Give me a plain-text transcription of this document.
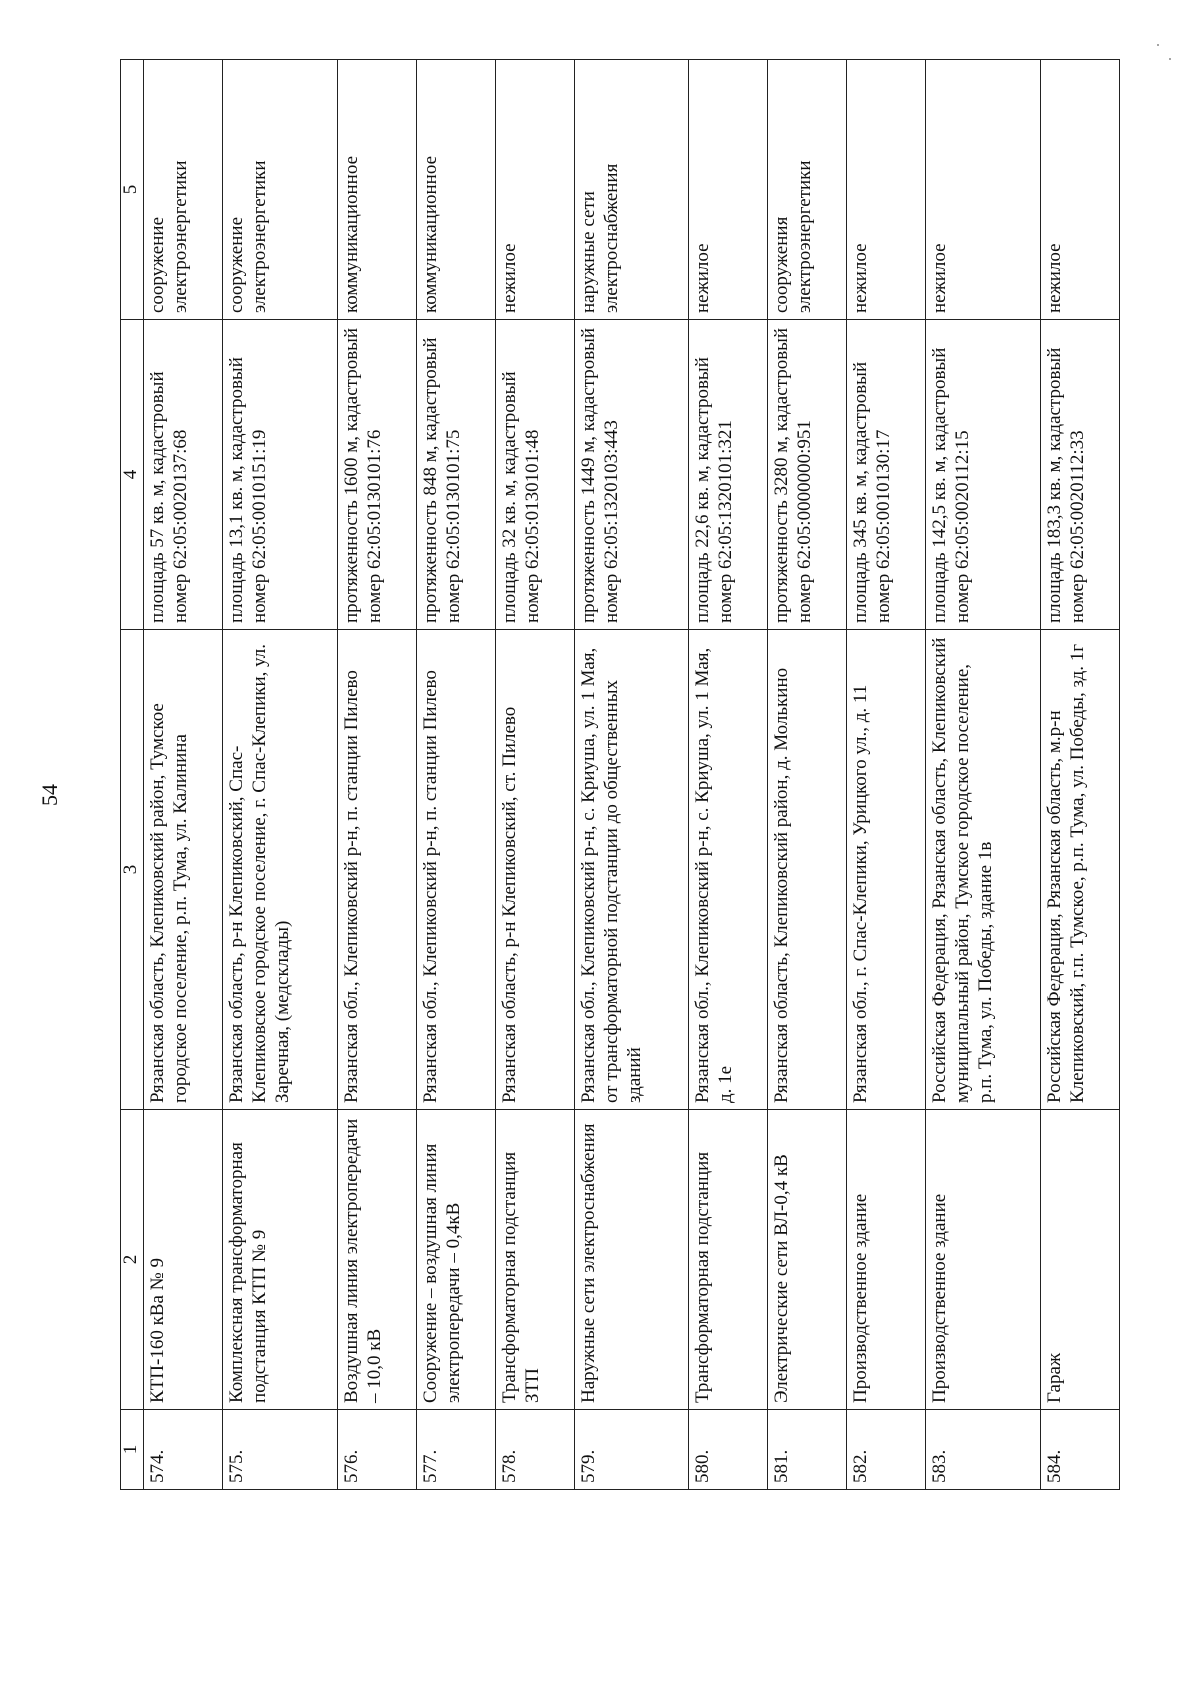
54
1	2	3	4	5
574.	КТП-160 кВа № 9	Рязанская область, Клепиковский район, Тумское городское поселение, р.п. Тума, ул. Калинина	площадь 57 кв. м, кадастровый номер 62:05:0020137:68	сооружение электроэнергетики
575.	Комплексная трансформаторная подстанция КТП № 9	Рязанская область, р-н Клепиковский, Спас-Клепиковское городское поселение, г. Спас-Клепики, ул. Заречная, (медсклады)	площадь 13,1 кв. м, кадастровый номер 62:05:0010151:19	сооружение электроэнергетики
576.	Воздушная линия электропередачи – 10,0 кВ	Рязанская обл., Клепиковский р-н, п. станции Пилево	протяженность 1600 м, кадастровый номер 62:05:0130101:76	коммуникационное
577.	Сооружение – воздушная линия электропередачи – 0,4кВ	Рязанская обл., Клепиковский р-н, п. станции Пилево	протяженность 848 м, кадастровый номер 62:05:0130101:75	коммуникационное
578.	Трансформаторная подстанция ЗТП	Рязанская область, р-н Клепиковский, ст. Пилево	площадь 32 кв. м, кадастровый номер 62:05:0130101:48	нежилое
579.	Наружные сети электроснабжения	Рязанская обл., Клепиковский р-н, с. Криуша, ул. 1 Мая, от трансформаторной подстанции до общественных зданий	протяженность 1449 м, кадастровый номер 62:05:1320103:443	наружные сети электроснабжения
580.	Трансформаторная подстанция	Рязанская обл., Клепиковский р-н, с. Криуша, ул. 1 Мая, д. 1е	площадь 22,6 кв. м, кадастровый номер 62:05:1320101:321	нежилое
581.	Электрические сети ВЛ-0,4 кВ	Рязанская область, Клепиковский район, д. Молькино	протяженность 3280 м, кадастровый номер 62:05:0000000:951	сооружения электроэнергетики
582.	Производственное здание	Рязанская обл., г. Спас-Клепики, Урицкого ул., д. 11	площадь 345 кв. м, кадастровый номер 62:05:0010130:17	нежилое
583.	Производственное здание	Российская Федерация, Рязанская область, Клепиковский муниципальный район, Тумское городское поселение, р.п. Тума, ул. Победы, здание 1в	площадь 142,5 кв. м, кадастровый номер 62:05:0020112:15	нежилое
584.	Гараж	Российская Федерация, Рязанская область, м.р-н Клепиковский, г.п. Тумское, р.п. Тума, ул. Победы, зд. 1г	площадь 183,3 кв. м, кадастровый номер 62:05:0020112:33	нежилое
